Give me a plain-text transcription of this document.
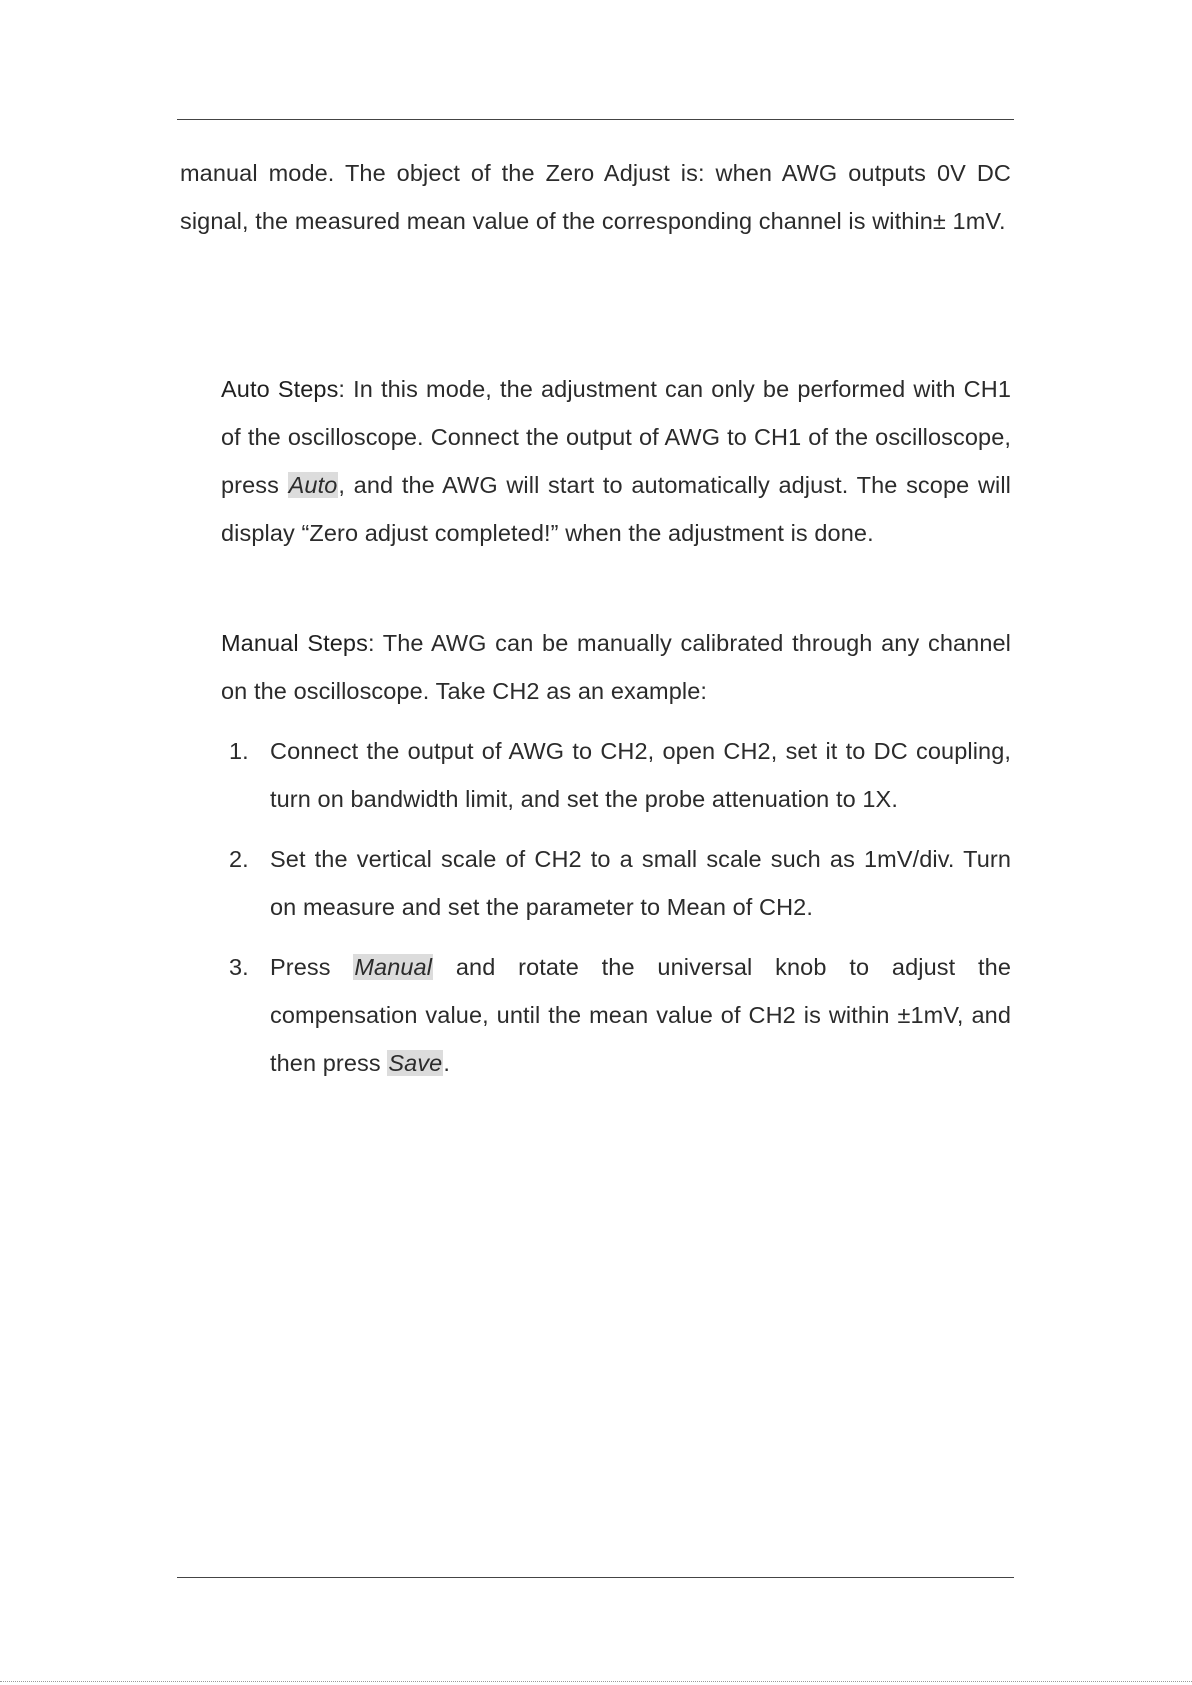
manual mode. The object of the Zero Adjust is: when AWG outputs 0V DC signal, the measured mean value of the corresponding channel is within± 1mV.

Auto Steps: In this mode, the adjustment can only be performed with CH1 of the oscilloscope. Connect the output of AWG to CH1 of the oscilloscope, press Auto, and the AWG will start to automatically adjust. The scope will display “Zero adjust completed!” when the adjustment is done.

Manual Steps: The AWG can be manually calibrated through any channel on the oscilloscope. Take CH2 as an example:

1. Connect the output of AWG to CH2, open CH2, set it to DC coupling, turn on bandwidth limit, and set the probe attenuation to 1X.
2. Set the vertical scale of CH2 to a small scale such as 1mV/div. Turn on measure and set the parameter to Mean of CH2.
3. Press Manual and rotate the universal knob to adjust the compensation value, until the mean value of CH2 is within ±1mV, and then press Save.
